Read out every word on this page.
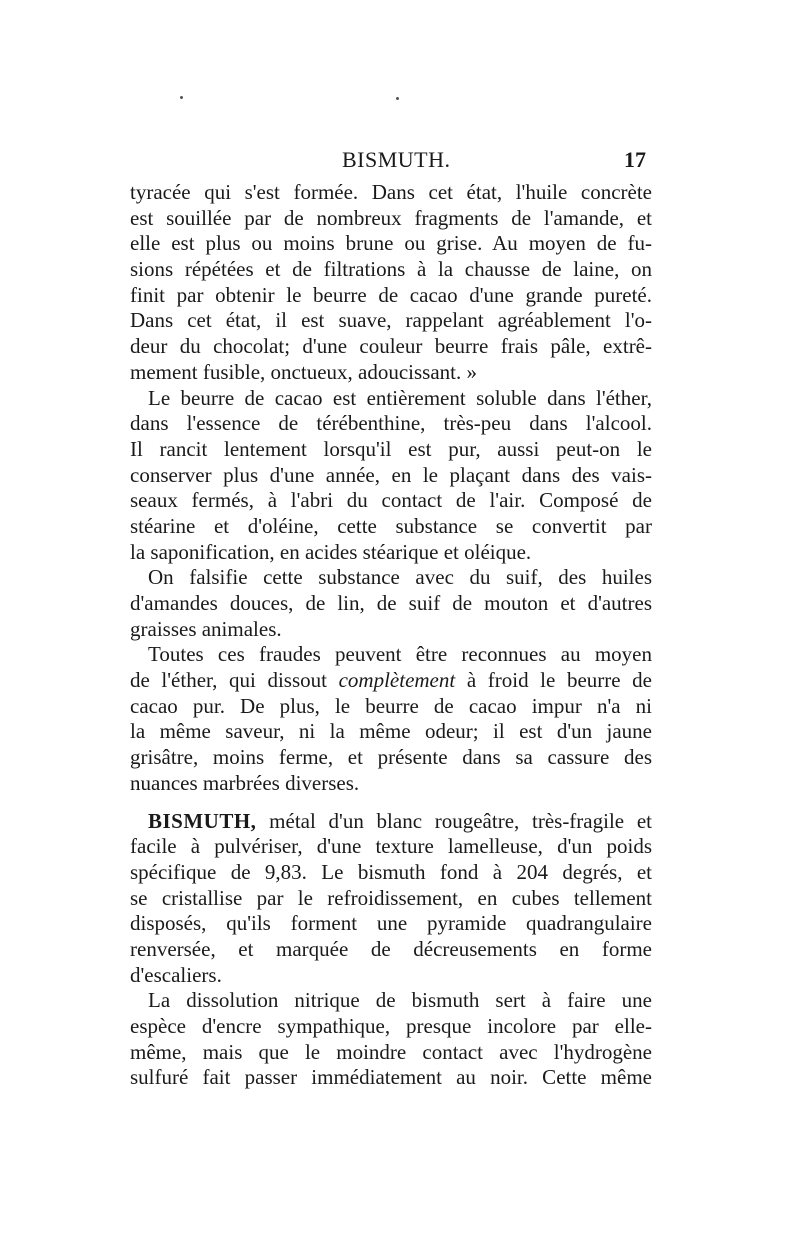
BISMUTH.	17
tyracée qui s'est formée. Dans cet état, l'huile concrète
est souillée par de nombreux fragments de l'amande, et
elle est plus ou moins brune ou grise. Au moyen de fu-
sions répétées et de filtrations à la chausse de laine, on
finit par obtenir le beurre de cacao d'une grande pureté.
Dans cet état, il est suave, rappelant agréablement l'o-
deur du chocolat; d'une couleur beurre frais pâle, extrê-
mement fusible, onctueux, adoucissant. »
Le beurre de cacao est entièrement soluble dans l'éther,
dans l'essence de térébenthine, très-peu dans l'alcool.
Il rancit lentement lorsqu'il est pur, aussi peut-on le
conserver plus d'une année, en le plaçant dans des vais-
seaux fermés, à l'abri du contact de l'air. Composé de
stéarine et d'oléine, cette substance se convertit par
la saponification, en acides stéarique et oléique.
On falsifie cette substance avec du suif, des huiles
d'amandes douces, de lin, de suif de mouton et d'autres
graisses animales.
Toutes ces fraudes peuvent être reconnues au moyen
de l'éther, qui dissout complètement à froid le beurre de
cacao pur. De plus, le beurre de cacao impur n'a ni
la même saveur, ni la même odeur; il est d'un jaune
grisâtre, moins ferme, et présente dans sa cassure des
nuances marbrées diverses.
BISMUTH, métal d'un blanc rougeâtre, très-fragile et
facile à pulvériser, d'une texture lamelleuse, d'un poids
spécifique de 9,83. Le bismuth fond à 204 degrés, et
se cristallise par le refroidissement, en cubes tellement
disposés, qu'ils forment une pyramide quadrangulaire
renversée, et marquée de décreusements en forme
d'escaliers.
La dissolution nitrique de bismuth sert à faire une
espèce d'encre sympathique, presque incolore par elle-
même, mais que le moindre contact avec l'hydrogène
sulfuré fait passer immédiatement au noir. Cette même
